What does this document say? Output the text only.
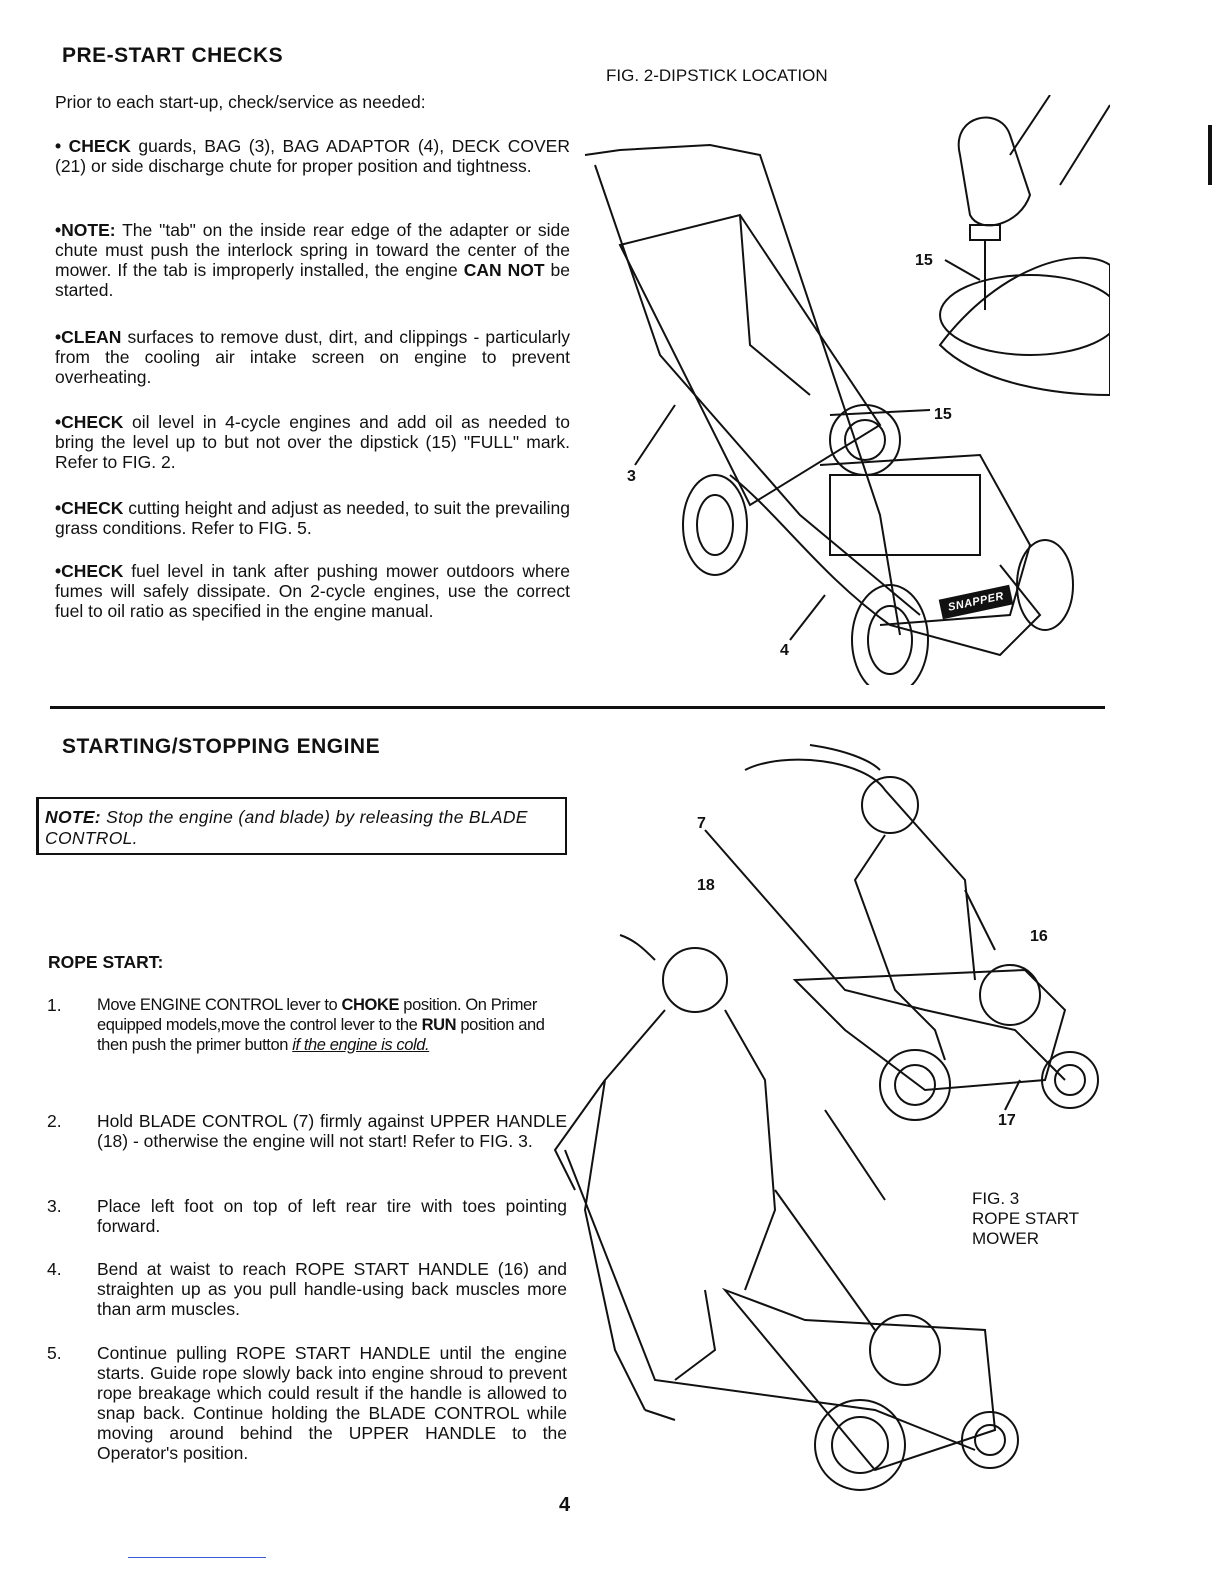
PRE-START CHECKS
Prior to each start-up, check/service as needed:
• CHECK guards, BAG (3), BAG ADAPTOR (4), DECK COVER (21) or side discharge chute for proper position and tightness.
•NOTE: The "tab" on the inside rear edge of the adapter or side chute must push the interlock spring in toward the center of the mower. If the tab is improperly installed, the engine CAN NOT be started.
•CLEAN surfaces to remove dust, dirt, and clippings - particularly from the cooling air intake screen on engine to prevent overheating.
•CHECK oil level in 4-cycle engines and add oil as needed to bring the level up to but not over the dipstick (15) "FULL" mark. Refer to FIG. 2.
•CHECK cutting height and adjust as needed, to suit the prevailing grass conditions. Refer to FIG. 5.
•CHECK fuel level in tank after pushing mower outdoors where fumes will safely dissipate. On 2-cycle engines, use the correct fuel to oil ratio as specified in the engine manual.
FIG. 2-DIPSTICK LOCATION
SNAPPER
15
15
3
4
STARTING/STOPPING ENGINE
NOTE: Stop the engine (and blade) by releasing the BLADE CONTROL.
ROPE START:
1. Move ENGINE CONTROL lever to CHOKE position. On Primer equipped models,move the control lever to the RUN position and then push the primer button if the engine is cold.
2. Hold BLADE CONTROL (7) firmly against UPPER HANDLE (18) - otherwise the engine will not start! Refer to FIG. 3.
3. Place left foot on top of left rear tire with toes pointing forward.
4. Bend at waist to reach ROPE START HANDLE (16) and straighten up as you pull handle-using back muscles more than arm muscles.
5. Continue pulling ROPE START HANDLE until the engine starts. Guide rope slowly back into engine shroud to prevent rope breakage which could result if the handle is allowed to snap back. Continue holding the BLADE CONTROL while moving around behind the UPPER HANDLE to the Operator's position.
7
18
16
17
FIG. 3
ROPE START
MOWER
4
